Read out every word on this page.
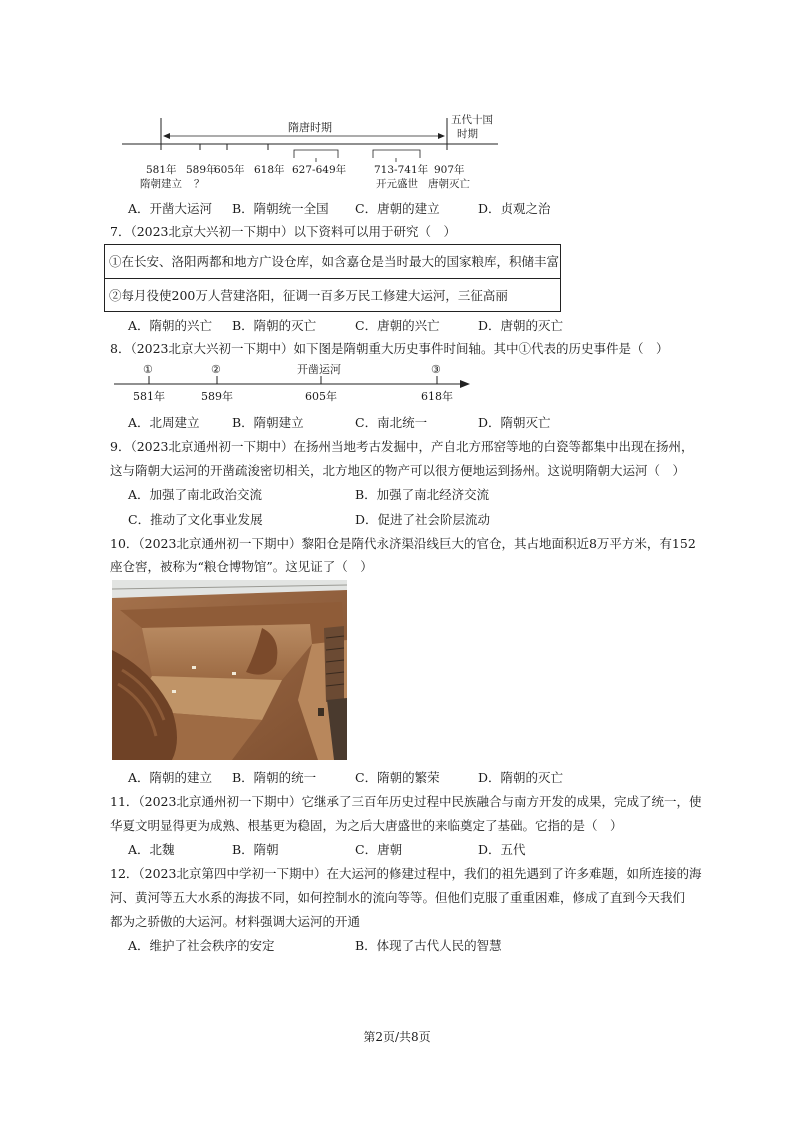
隋唐时期
五代十国
时期
581年
隋朝建立
589年
？
605年 618年 627-649年	713-741年
开元盛世
907年
唐朝灭亡
A．开凿大运河 B．隋朝统一全国 C．唐朝的建立	D．贞观之治
7．（2023北京大兴初一下期中）以下资料可以用于研究（　）
①在长安、洛阳两都和地方广设仓库，如含嘉仓是当时最大的国家粮库，积储丰富
②每月役使200万人营建洛阳，征调一百多万民工修建大运河，三征高丽
A．隋朝的兴亡 B．隋朝的灭亡	C．唐朝的兴亡	D．唐朝的灭亡
8．（2023北京大兴初一下期中）如下图是隋朝重大历史事件时间轴。其中①代表的历史事件是（　）
①	②	开凿运河	③
581年	589年	605年	618年
A．北周建立	B．隋朝建立	C．南北统一	D．隋朝灭亡
9．（2023北京通州初一下期中）在扬州当地考古发掘中，产自北方邢窑等地的白瓷等都集中出现在扬州，
这与隋朝大运河的开凿疏浚密切相关，北方地区的物产可以很方便地运到扬州。这说明隋朝大运河（　）
A．加强了南北政治交流	B．加强了南北经济交流
C．推动了文化事业发展	D．促进了社会阶层流动
10．（2023北京通州初一下期中）黎阳仓是隋代永济渠沿线巨大的官仓，其占地面积近8万平方米，有152
座仓窖，被称为“粮仓博物馆”。这见证了（　）
A．隋朝的建立 B．隋朝的统一	C．隋朝的繁荣	D．隋朝的灭亡
11．（2023北京通州初一下期中）它继承了三百年历史过程中民族融合与南方开发的成果，完成了统一，使
华夏文明显得更为成熟、根基更为稳固，为之后大唐盛世的来临奠定了基础。它指的是（　）
A．北魏	B．隋朝	C．唐朝	D．五代
12．（2023北京第四中学初一下期中）在大运河的修建过程中，我们的祖先遇到了许多难题，如所连接的海
河、黄河等五大水系的海拔不同，如何控制水的流向等等。但他们克服了重重困难，修成了直到今天我们
都为之骄傲的大运河。材料强调大运河的开通
A．维护了社会秩序的安定	B．体现了古代人民的智慧
第2页/共8页
